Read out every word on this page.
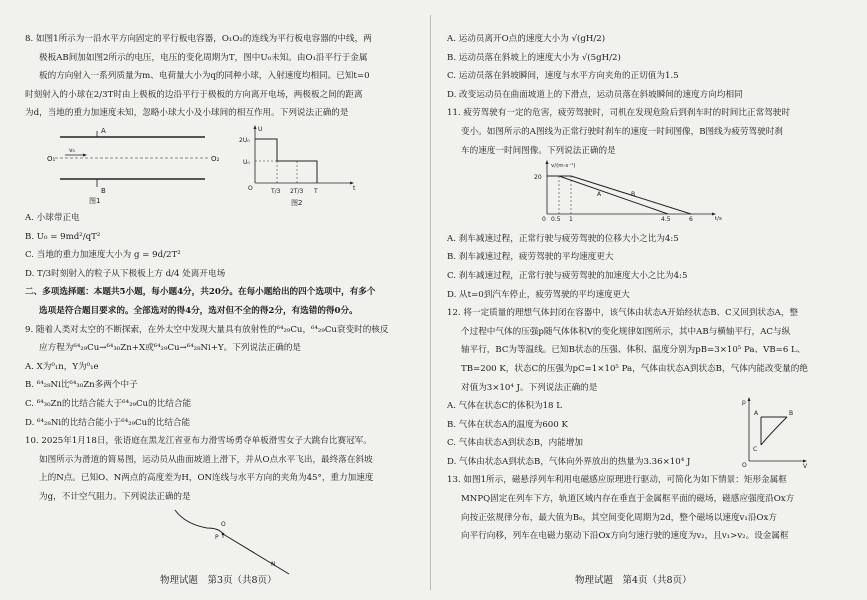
8. 如图1所示为一沿水平方向固定的平行板电容器，O₁O₂的连线为平行板电容器的中线，两

极板AB间加如图2所示的电压，电压的变化周期为T，图中U₀未知。由O₁沿平行于金属

板的方向射入一系列质量为m、电荷量大小为q的同种小球，入射速度均相同。已知t=0

时刻射入的小球在2/3T时由上极板的边沿平行于极板的方向离开电场，两极板之间的距离

为d，当地的重力加速度未知，忽略小球大小及小球间的相互作用。下列说法正确的是

A
B
O₁	O₂
v₀
图1
U
2U₀
U₀
O	t
T/3 2T/3 T
图2

A. 小球带正电

B. U₀ = 9md²/qT²

C. 当地的重力加速度大小为 g = 9d/2T²

D. T/3时刻射入的粒子从下极板上方 d/4 处离开电场

二、多项选择题：本题共5小题，每小题4分，共20分。在每小题给出的四个选项中，有多个

选项是符合题目要求的。全部选对的得4分，选对但不全的得2分，有选错的得0分。

9. 随着人类对太空的不断探索，在外太空中发现大量具有放射性的⁶⁴₂₉Cu，⁶⁴₂₉Cu衰变时的核反

应方程为⁶⁴₂₉Cu→⁶⁴₃₀Zn+X或⁶⁴₂₉Cu→⁶⁴₂₈Ni+Y。下列说法正确的是

A. X为⁰₁n，Y为⁰₁e

B. ⁶⁴₂₈Ni比⁶⁴₃₀Zn多两个中子

C. ⁶⁴₃₀Zn的比结合能大于⁶⁴₂₉Cu的比结合能

D. ⁶⁴₂₈Ni的比结合能小于⁶⁴₂₉Cu的比结合能

10. 2025年1月18日，张语庭在黑龙江省亚布力滑雪场勇夺单板滑雪女子大跳台比赛冠军。

如图所示为滑道的简易图，运动员从曲面坡道上滑下，并从O点水平飞出，最终落在斜坡

上的N点。已知O、N两点的高度差为H，ON连线与水平方向的夹角为45°，重力加速度

为g，不计空气阻力。下列说法正确的是

O
P
N
物理试题　第3页（共8页）

A. 运动员离开O点的速度大小为 √(gH/2)

B. 运动员落在斜坡上的速度大小为 √(5gH/2)

C. 运动员落在斜坡瞬间，速度与水平方向夹角的正切值为1.5

D. 改变运动员在曲面坡道上的下滑点，运动员落在斜坡瞬间的速度方向均相同

11. 疲劳驾驶有一定的危害，疲劳驾驶时，司机在发现危险后到刹车时的时间比正常驾驶时

变小。如图所示的A图线为正常行驶时刹车的速度一时间图像，B图线为疲劳驾驶时刹

车的速度一时间图像。下列说法正确的是

v/(m·s⁻¹)
t/s
20
0 0.5 1	4.5	6
A	B

A. 刹车减速过程，正常行驶与疲劳驾驶的位移大小之比为4:5

B. 刹车减速过程，疲劳驾驶的平均速度更大

C. 刹车减速过程，正常行驶与疲劳驾驶的加速度大小之比为4:5

D. 从t=0到汽车停止，疲劳驾驶的平均速度更大

12. 将一定质量的理想气体封闭在容器中，该气体由状态A开始经状态B、C又回到状态A，整

个过程中气体的压强p随气体体积V的变化规律如图所示，其中AB与横轴平行，AC与纵

轴平行，BC为等温线。已知B状态的压强、体积、温度分别为pB=3×10⁵ Pa、VB=6 L、

TB=200 K，状态C的压强为pC=1×10⁵ Pa，气体由状态A到状态B，气体内能改变量的绝

对值为3×10⁴ J。下列说法正确的是

A. 气体在状态C的体积为18 L

B. 气体在状态A的温度为600 K

C. 气体由状态A到状态B，内能增加

D. 气体由状态A到状态B，气体向外界放出的热量为3.36×10⁴ J

p
V
O
A	B
C

13. 如图1所示，磁悬浮列车利用电磁感应原理进行驱动，可简化为如下情景：矩形金属框

MNPQ固定在列车下方，轨道区域内存在垂直于金属框平面的磁场，磁感应强度沿Ox方

向按正弦规律分布，最大值为B₀，其空间变化周期为2d，整个磁场以速度v₁沿Ox方

向平行向移，列车在电磁力驱动下沿Ox方向匀速行驶的速度为v₂，且v₁>v₂。设金属框

物理试题　第4页（共8页）
